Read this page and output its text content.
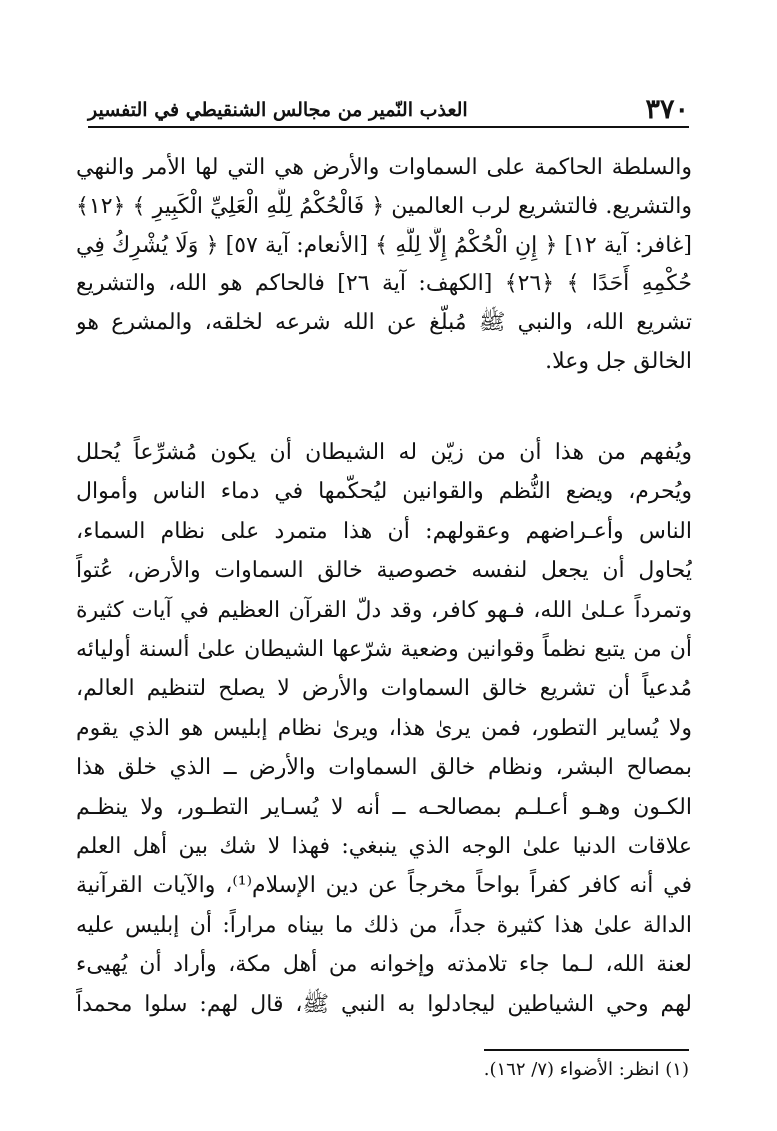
٣٧٠
العذب النّمير من مجالس الشنقيطي في التفسير
والسلطة الحاكمة على السماوات والأرض هي التي لها الأمر والنهي
والتشريع. فالتشريع لرب العالمين ﴿ فَالْحُكْمُ لِلَّهِ الْعَلِيِّ الْكَبِيرِ ﴾ ﴿١٢﴾
[غافر: آية ١٢] ﴿ إِنِ الْحُكْمُ إِلَّا لِلَّهِ ﴾ [الأنعام: آية ٥٧] ﴿ وَلَا يُشْرِكُ فِي
حُكْمِهِ أَحَدًا ﴾ ﴿٢٦﴾ [الكهف: آية ٢٦] فالحاكم هو الله، والتشريع
تشريع الله، والنبي ﷺ مُبلّغ عن الله شرعه لخلقه، والمشرع هو
الخالق جل وعلا.
ويُفهم من هذا أن من زيّن له الشيطان أن يكون مُشرِّعاً يُحلل
ويُحرم، ويضع النُّظم والقوانين ليُحكّمها في دماء الناس وأموال
الناس وأعـراضهم وعقولهم: أن هذا متمرد على نظام السماء،
يُحاول أن يجعل لنفسه خصوصية خالق السماوات والأرض، عُتواً
وتمرداً عـلىٰ الله، فـهو كافر، وقد دلّ القرآن العظيم في آيات كثيرة
أن من يتبع نظماً وقوانين وضعية شرّعها الشيطان علىٰ ألسنة أوليائه
مُدعياً أن تشريع خالق السماوات والأرض لا يصلح لتنظيم العالم،
ولا يُساير التطور، فمن يرىٰ هذا، ويرىٰ نظام إبليس هو الذي يقوم
بمصالح البشر، ونظام خالق السماوات والأرض ــ الذي خلق هذا
الكـون وهـو أعـلـم بمصالحـه ــ أنه لا يُسـاير التطـور، ولا ينظـم
علاقات الدنيا علىٰ الوجه الذي ينبغي: فهذا لا شك بين أهل العلم
في أنه كافر كفراً بواحاً مخرجاً عن دين الإسلام⁽¹⁾، والآيات القرآنية
الدالة علىٰ هذا كثيرة جداً، من ذلك ما بيناه مراراً: أن إبليس عليه
لعنة الله، لـما جاء تلامذته وإخوانه من أهل مكة، وأراد أن يُهيىء
لهم وحي الشياطين ليجادلوا به النبي ﷺ، قال لهم: سلوا محمداً
(١) انظر: الأضواء (٧/ ١٦٢).
